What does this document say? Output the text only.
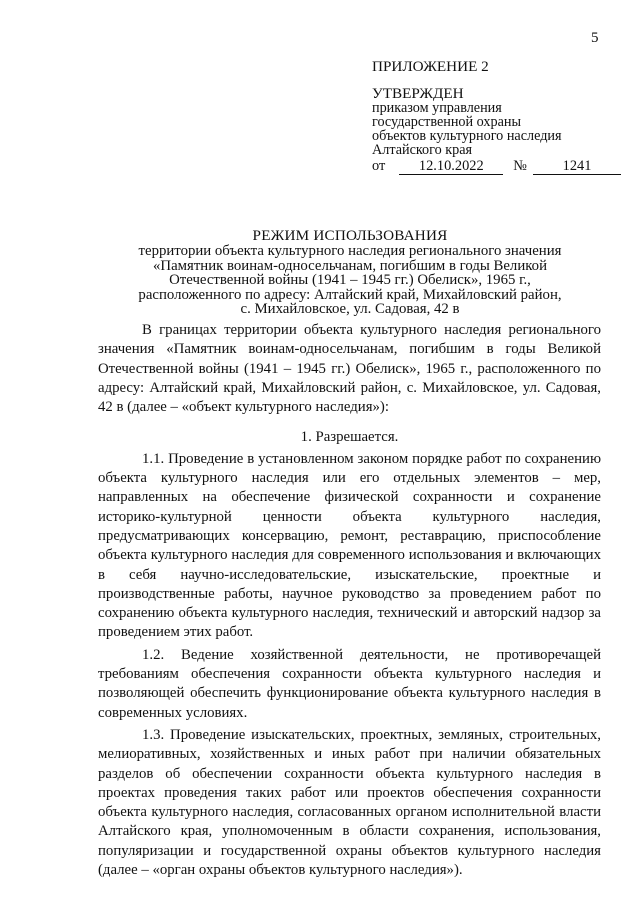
5
ПРИЛОЖЕНИЕ 2
УТВЕРЖДЕН
приказом управления
государственной охраны
объектов культурного наследия
Алтайского края
от 12.10.2022 № 1241
РЕЖИМ ИСПОЛЬЗОВАНИЯ
территории объекта культурного наследия регионального значения
«Памятник воинам-односельчанам, погибшим в годы Великой
Отечественной войны (1941 – 1945 гг.) Обелиск», 1965 г.,
расположенного по адресу: Алтайский край, Михайловский район,
с. Михайловское, ул. Садовая, 42 в

В границах территории объекта культурного наследия регионального значения «Памятник воинам-односельчанам, погибшим в годы Великой Отечественной войны (1941 – 1945 гг.) Обелиск», 1965 г., расположенного по адресу: Алтайский край, Михайловский район, с. Михайловское, ул. Садовая, 42 в (далее – «объект культурного наследия»):

1. Разрешается.

1.1. Проведение в установленном законом порядке работ по сохранению объекта культурного наследия или его отдельных элементов – мер, направленных на обеспечение физической сохранности и сохранение историко-культурной ценности объекта культурного наследия, предусматривающих консервацию, ремонт, реставрацию, приспособление объекта культурного наследия для современного использования и включающих в себя научно-исследовательские, изыскательские, проектные и производственные работы, научное руководство за проведением работ по сохранению объекта культурного наследия, технический и авторский надзор за проведением этих работ.

1.2. Ведение хозяйственной деятельности, не противоречащей требованиям обеспечения сохранности объекта культурного наследия и позволяющей обеспечить функционирование объекта культурного наследия в современных условиях.

1.3. Проведение изыскательских, проектных, земляных, строительных, мелиоративных, хозяйственных и иных работ при наличии обязательных разделов об обеспечении сохранности объекта культурного наследия в проектах проведения таких работ или проектов обеспечения сохранности объекта культурного наследия, согласованных органом исполнительной власти Алтайского края, уполномоченным в области сохранения, использования, популяризации и государственной охраны объектов культурного наследия (далее – «орган охраны объектов культурного наследия»).
